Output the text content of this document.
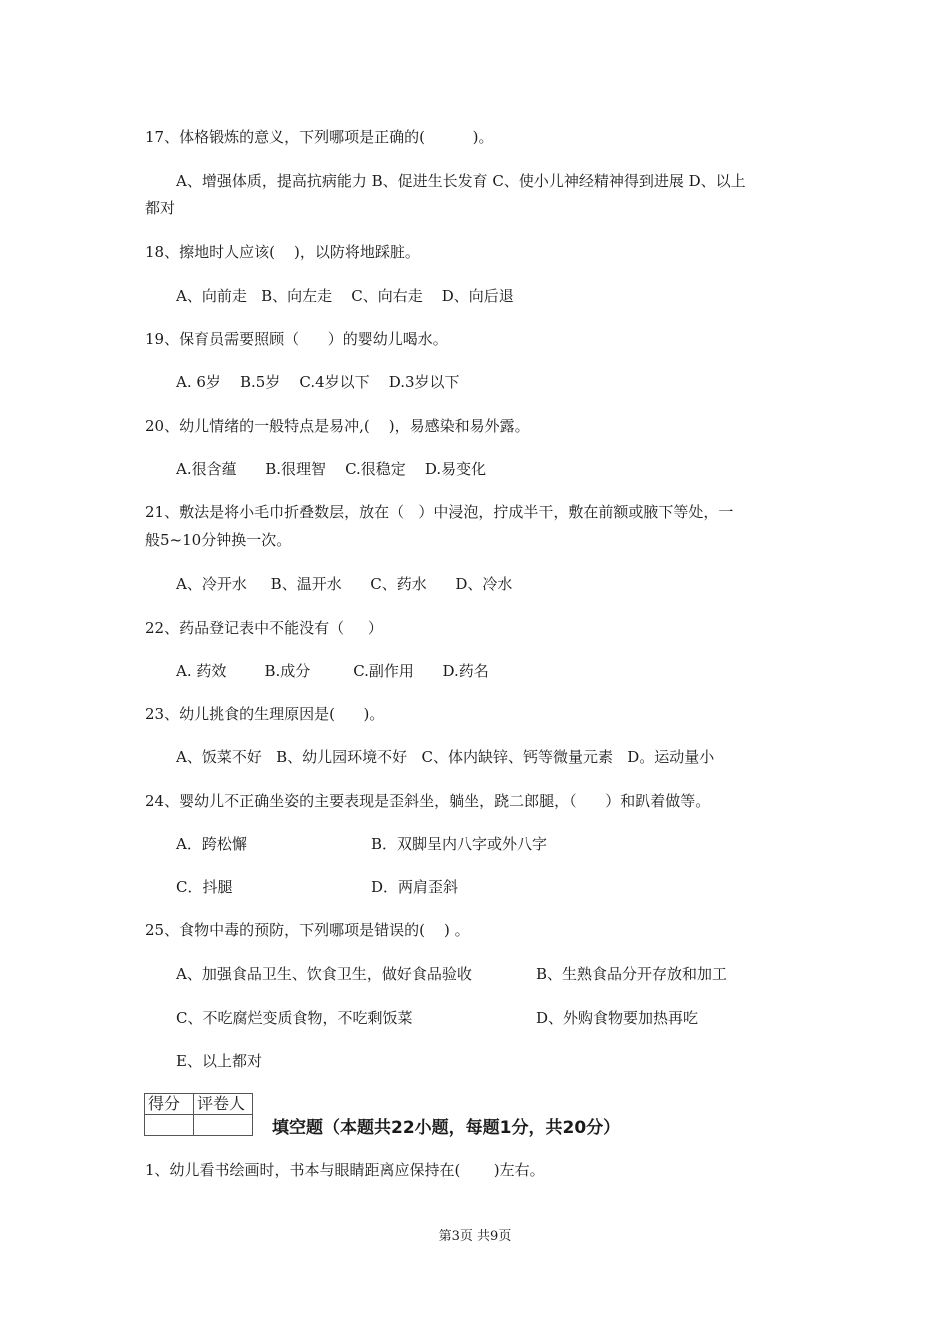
17、体格锻炼的意义，下列哪项是正确的(          )。
A、增强体质，提高抗病能力 B、促进生长发育 C、使小儿神经精神得到进展 D、以上
都对
18、擦地时人应该(    )，以防将地踩脏。
A、向前走   B、向左走    C、向右走    D、向后退
19、保育员需要照顾（      ）的婴幼儿喝水。
A. 6岁    B.5岁    C.4岁以下    D.3岁以下
20、幼儿情绪的一般特点是易冲,(    )，易感染和易外露。
A.很含蕴      B.很理智    C.很稳定    D.易变化
21、敷法是将小毛巾折叠数层，放在（   ）中浸泡，拧成半干，敷在前额或腋下等处，一
般5~10分钟换一次。
A、冷开水     B、温开水      C、药水      D、冷水
22、药品登记表中不能没有（     ）
A. 药效        B.成分         C.副作用      D.药名
23、幼儿挑食的生理原因是(      )。
A、饭菜不好   B、幼儿园环境不好   C、体内缺锌、钙等微量元素   D。运动量小
24、婴幼儿不正确坐姿的主要表现是歪斜坐，躺坐，跷二郎腿，（      ）和趴着做等。
A．跨松懈	B．双脚呈内八字或外八字
C．抖腿	D．两肩歪斜
25、食物中毒的预防，下列哪项是错误的(    ) 。
A、加强食品卫生、饮食卫生，做好食品验收	B、生熟食品分开存放和加工
C、不吃腐烂变质食物，不吃剩饭菜	D、外购食物要加热再吃
E、以上都对
得分	评卷人

填空题（本题共22小题，每题1分，共20分）
1、幼儿看书绘画时，书本与眼睛距离应保持在(       )左右。
第3页 共9页
